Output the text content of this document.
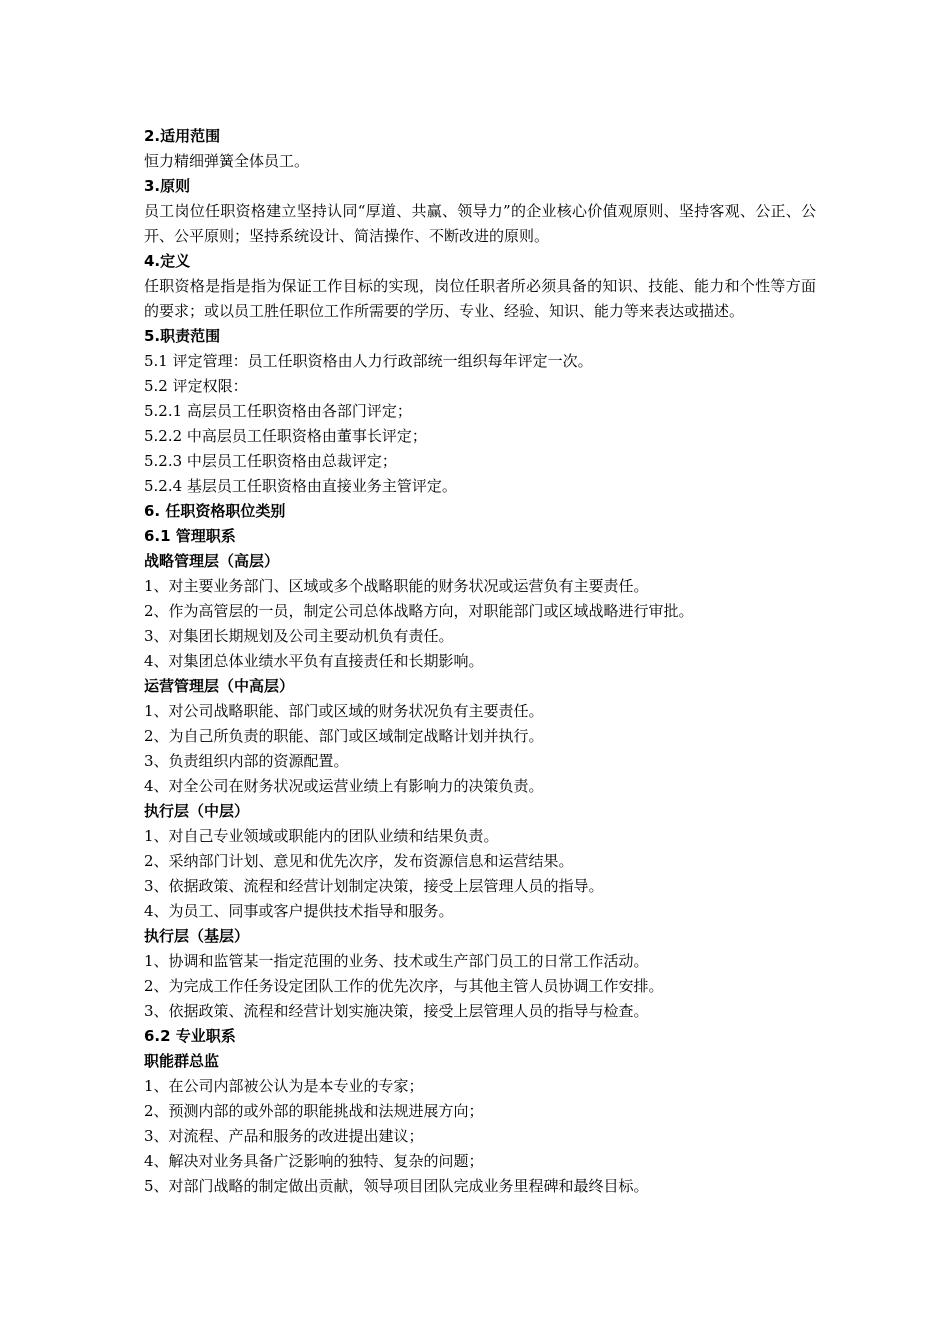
2.适用范围
恒力精细弹簧全体员工。
3.原则
员工岗位任职资格建立坚持认同“厚道、共赢、领导力”的企业核心价值观原则、坚持客观、公正、公开、公平原则；坚持系统设计、简洁操作、不断改进的原则。
4.定义
任职资格是指是指为保证工作目标的实现，岗位任职者所必须具备的知识、技能、能力和个性等方面的要求；或以员工胜任职位工作所需要的学历、专业、经验、知识、能力等来表达或描述。
5.职责范围
5.1 评定管理：员工任职资格由人力行政部统一组织每年评定一次。
5.2 评定权限：
5.2.1 高层员工任职资格由各部门评定；
5.2.2 中高层员工任职资格由董事长评定；
5.2.3 中层员工任职资格由总裁评定；
5.2.4 基层员工任职资格由直接业务主管评定。
6. 任职资格职位类别
6.1 管理职系
战略管理层（高层）
1、对主要业务部门、区域或多个战略职能的财务状况或运营负有主要责任。
2、作为高管层的一员，制定公司总体战略方向，对职能部门或区域战略进行审批。
3、对集团长期规划及公司主要动机负有责任。
4、对集团总体业绩水平负有直接责任和长期影响。
运营管理层（中高层）
1、对公司战略职能、部门或区域的财务状况负有主要责任。
2、为自己所负责的职能、部门或区域制定战略计划并执行。
3、负责组织内部的资源配置。
4、对全公司在财务状况或运营业绩上有影响力的决策负责。
执行层（中层）
1、对自己专业领域或职能内的团队业绩和结果负责。
2、采纳部门计划、意见和优先次序，发布资源信息和运营结果。
3、依据政策、流程和经营计划制定决策，接受上层管理人员的指导。
4、为员工、同事或客户提供技术指导和服务。
执行层（基层）
1、协调和监管某一指定范围的业务、技术或生产部门员工的日常工作活动。
2、为完成工作任务设定团队工作的优先次序，与其他主管人员协调工作安排。
3、依据政策、流程和经营计划实施决策，接受上层管理人员的指导与检查。
6.2 专业职系
职能群总监
1、在公司内部被公认为是本专业的专家；
2、预测内部的或外部的职能挑战和法规进展方向；
3、对流程、产品和服务的改进提出建议；
4、解决对业务具备广泛影响的独特、复杂的问题；
5、对部门战略的制定做出贡献，领导项目团队完成业务里程碑和最终目标。
